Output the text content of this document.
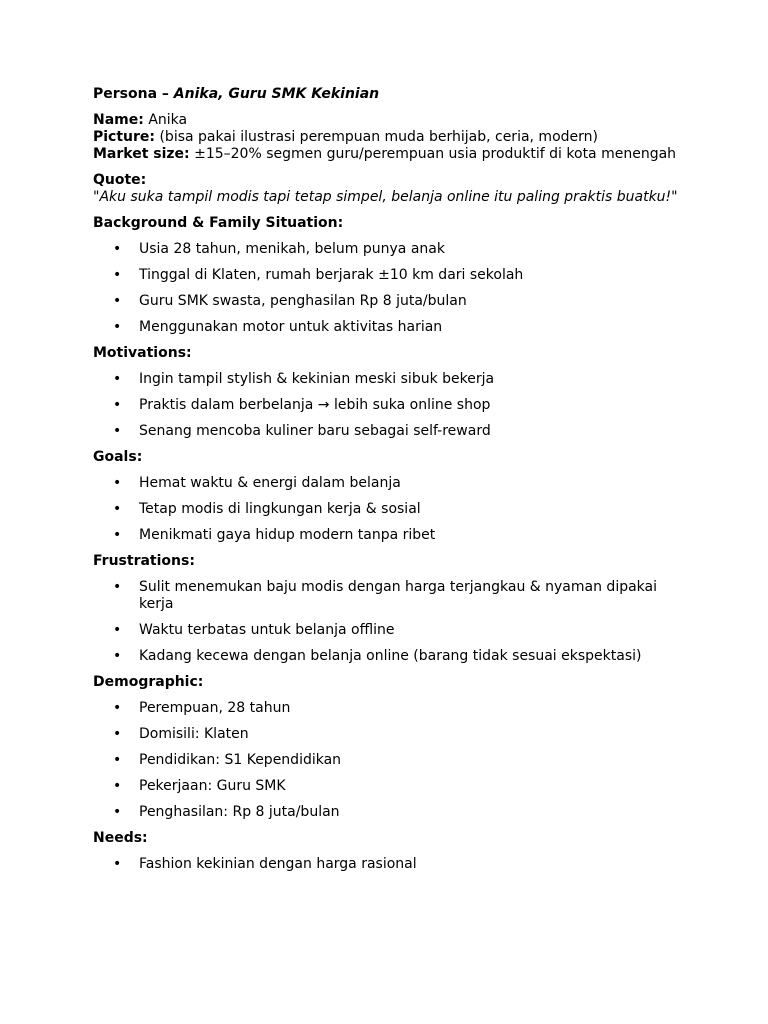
Persona – Anika, Guru SMK Kekinian

Name: Anika

Picture: (bisa pakai ilustrasi perempuan muda berhijab, ceria, modern)

Market size: ±15–20% segmen guru/perempuan usia produktif di kota menengah

Quote:

"Aku suka tampil modis tapi tetap simpel, belanja online itu paling praktis buatku!"

Background & Family Situation:

• Usia 28 tahun, menikah, belum punya anak
• Tinggal di Klaten, rumah berjarak ±10 km dari sekolah
• Guru SMK swasta, penghasilan Rp 8 juta/bulan
• Menggunakan motor untuk aktivitas harian

Motivations:

• Ingin tampil stylish & kekinian meski sibuk bekerja
• Praktis dalam berbelanja → lebih suka online shop
• Senang mencoba kuliner baru sebagai self-reward

Goals:

• Hemat waktu & energi dalam belanja
• Tetap modis di lingkungan kerja & sosial
• Menikmati gaya hidup modern tanpa ribet

Frustrations:

• Sulit menemukan baju modis dengan harga terjangkau & nyaman dipakai kerja
• Waktu terbatas untuk belanja offline
• Kadang kecewa dengan belanja online (barang tidak sesuai ekspektasi)

Demographic:

• Perempuan, 28 tahun
• Domisili: Klaten
• Pendidikan: S1 Kependidikan
• Pekerjaan: Guru SMK
• Penghasilan: Rp 8 juta/bulan

Needs:

• Fashion kekinian dengan harga rasional
